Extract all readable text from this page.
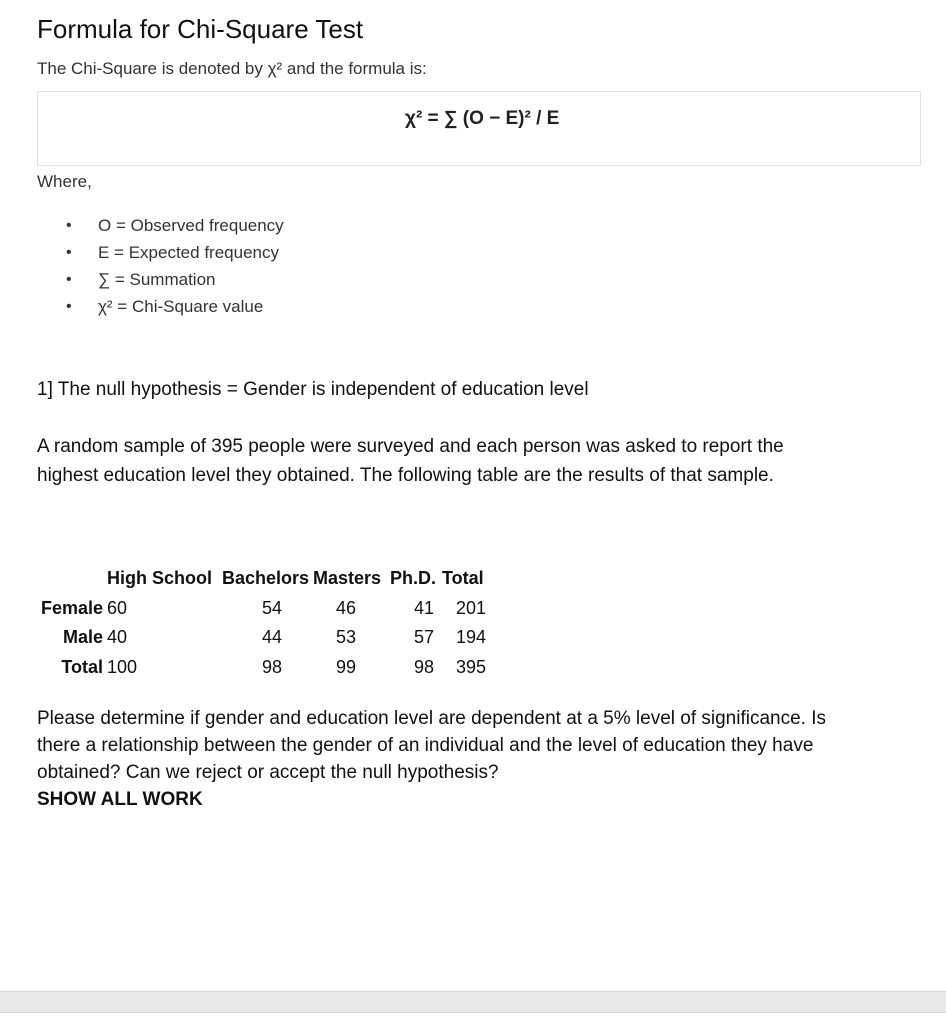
Formula for Chi-Square Test
The Chi-Square is denoted by χ² and the formula is:
χ² = ∑ (O − E)² / E
Where,
• O = Observed frequency
• E = Expected frequency
• ∑ = Summation
• χ² = Chi-Square value
1] The null hypothesis = Gender is independent of education level
A random sample of 395 people were surveyed and each person was asked to report the highest education level they obtained. The following table are the results of that sample.
	High School	Bachelors	Masters	Ph.D.	Total
Female	60	54	46	41	201
Male	40	44	53	57	194
Total	100	98	99	98	395
Please determine if gender and education level are dependent at a 5% level of significance. Is there a relationship between the gender of an individual and the level of education they have obtained? Can we reject or accept the null hypothesis?
SHOW ALL WORK
